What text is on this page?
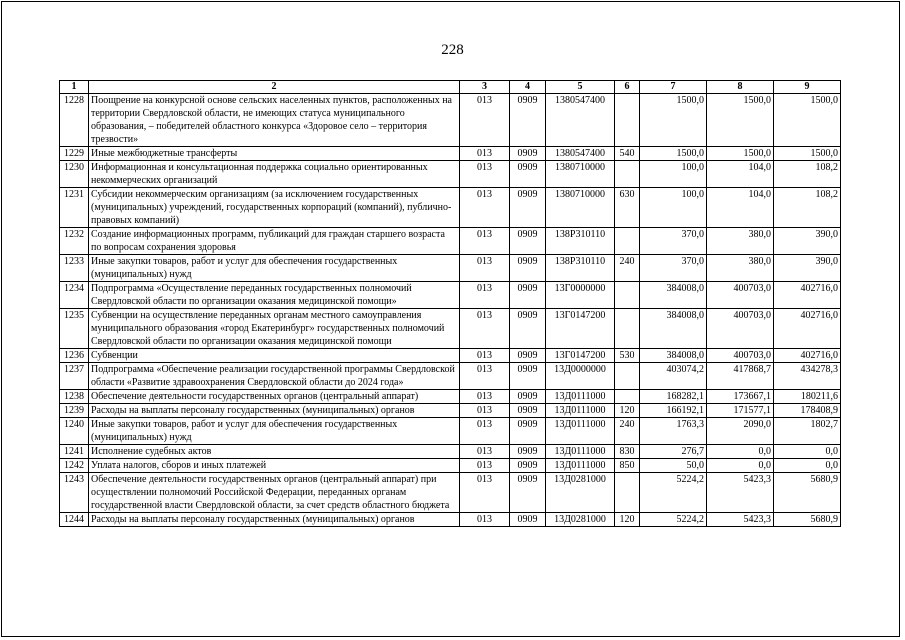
228
1	2	3	4	5	6	7	8	9
1228	Поощрение на конкурсной основе сельских населенных пунктов, расположенных на территории Свердловской области, не имеющих статуса муниципального образования, – победителей областного конкурса «Здоровое село – территория трезвости»	013	0909	1380547400		1500,0	1500,0	1500,0
1229	Иные межбюджетные трансферты	013	0909	1380547400	540	1500,0	1500,0	1500,0
1230	Информационная и консультационная поддержка социально ориентированных некоммерческих организаций	013	0909	1380710000		100,0	104,0	108,2
1231	Субсидии некоммерческим организациям (за исключением государственных (муниципальных) учреждений, государственных корпораций (компаний), публично-правовых компаний)	013	0909	1380710000	630	100,0	104,0	108,2
1232	Создание информационных программ, публикаций для граждан старшего возраста по вопросам сохранения здоровья	013	0909	138Р310110		370,0	380,0	390,0
1233	Иные закупки товаров, работ и услуг для обеспечения государственных (муниципальных) нужд	013	0909	138Р310110	240	370,0	380,0	390,0
1234	Подпрограмма «Осуществление переданных государственных полномочий Свердловской области по организации оказания медицинской помощи»	013	0909	13Г0000000		384008,0	400703,0	402716,0
1235	Субвенции на осуществление переданных органам местного самоуправления муниципального образования «город Екатеринбург» государственных полномочий Свердловской области по организации оказания медицинской помощи	013	0909	13Г0147200		384008,0	400703,0	402716,0
1236	Субвенции	013	0909	13Г0147200	530	384008,0	400703,0	402716,0
1237	Подпрограмма «Обеспечение реализации государственной программы Свердловской области «Развитие здравоохранения Свердловской области до 2024 года»	013	0909	13Д0000000		403074,2	417868,7	434278,3
1238	Обеспечение деятельности государственных органов (центральный аппарат)	013	0909	13Д0111000		168282,1	173667,1	180211,6
1239	Расходы на выплаты персоналу государственных (муниципальных) органов	013	0909	13Д0111000	120	166192,1	171577,1	178408,9
1240	Иные закупки товаров, работ и услуг для обеспечения государственных (муниципальных) нужд	013	0909	13Д0111000	240	1763,3	2090,0	1802,7
1241	Исполнение судебных актов	013	0909	13Д0111000	830	276,7	0,0	0,0
1242	Уплата налогов, сборов и иных платежей	013	0909	13Д0111000	850	50,0	0,0	0,0
1243	Обеспечение деятельности государственных органов (центральный аппарат) при осуществлении полномочий Российской Федерации, переданных органам государственной власти Свердловской области, за счет средств областного бюджета	013	0909	13Д0281000		5224,2	5423,3	5680,9
1244	Расходы на выплаты персоналу государственных (муниципальных) органов	013	0909	13Д0281000	120	5224,2	5423,3	5680,9
